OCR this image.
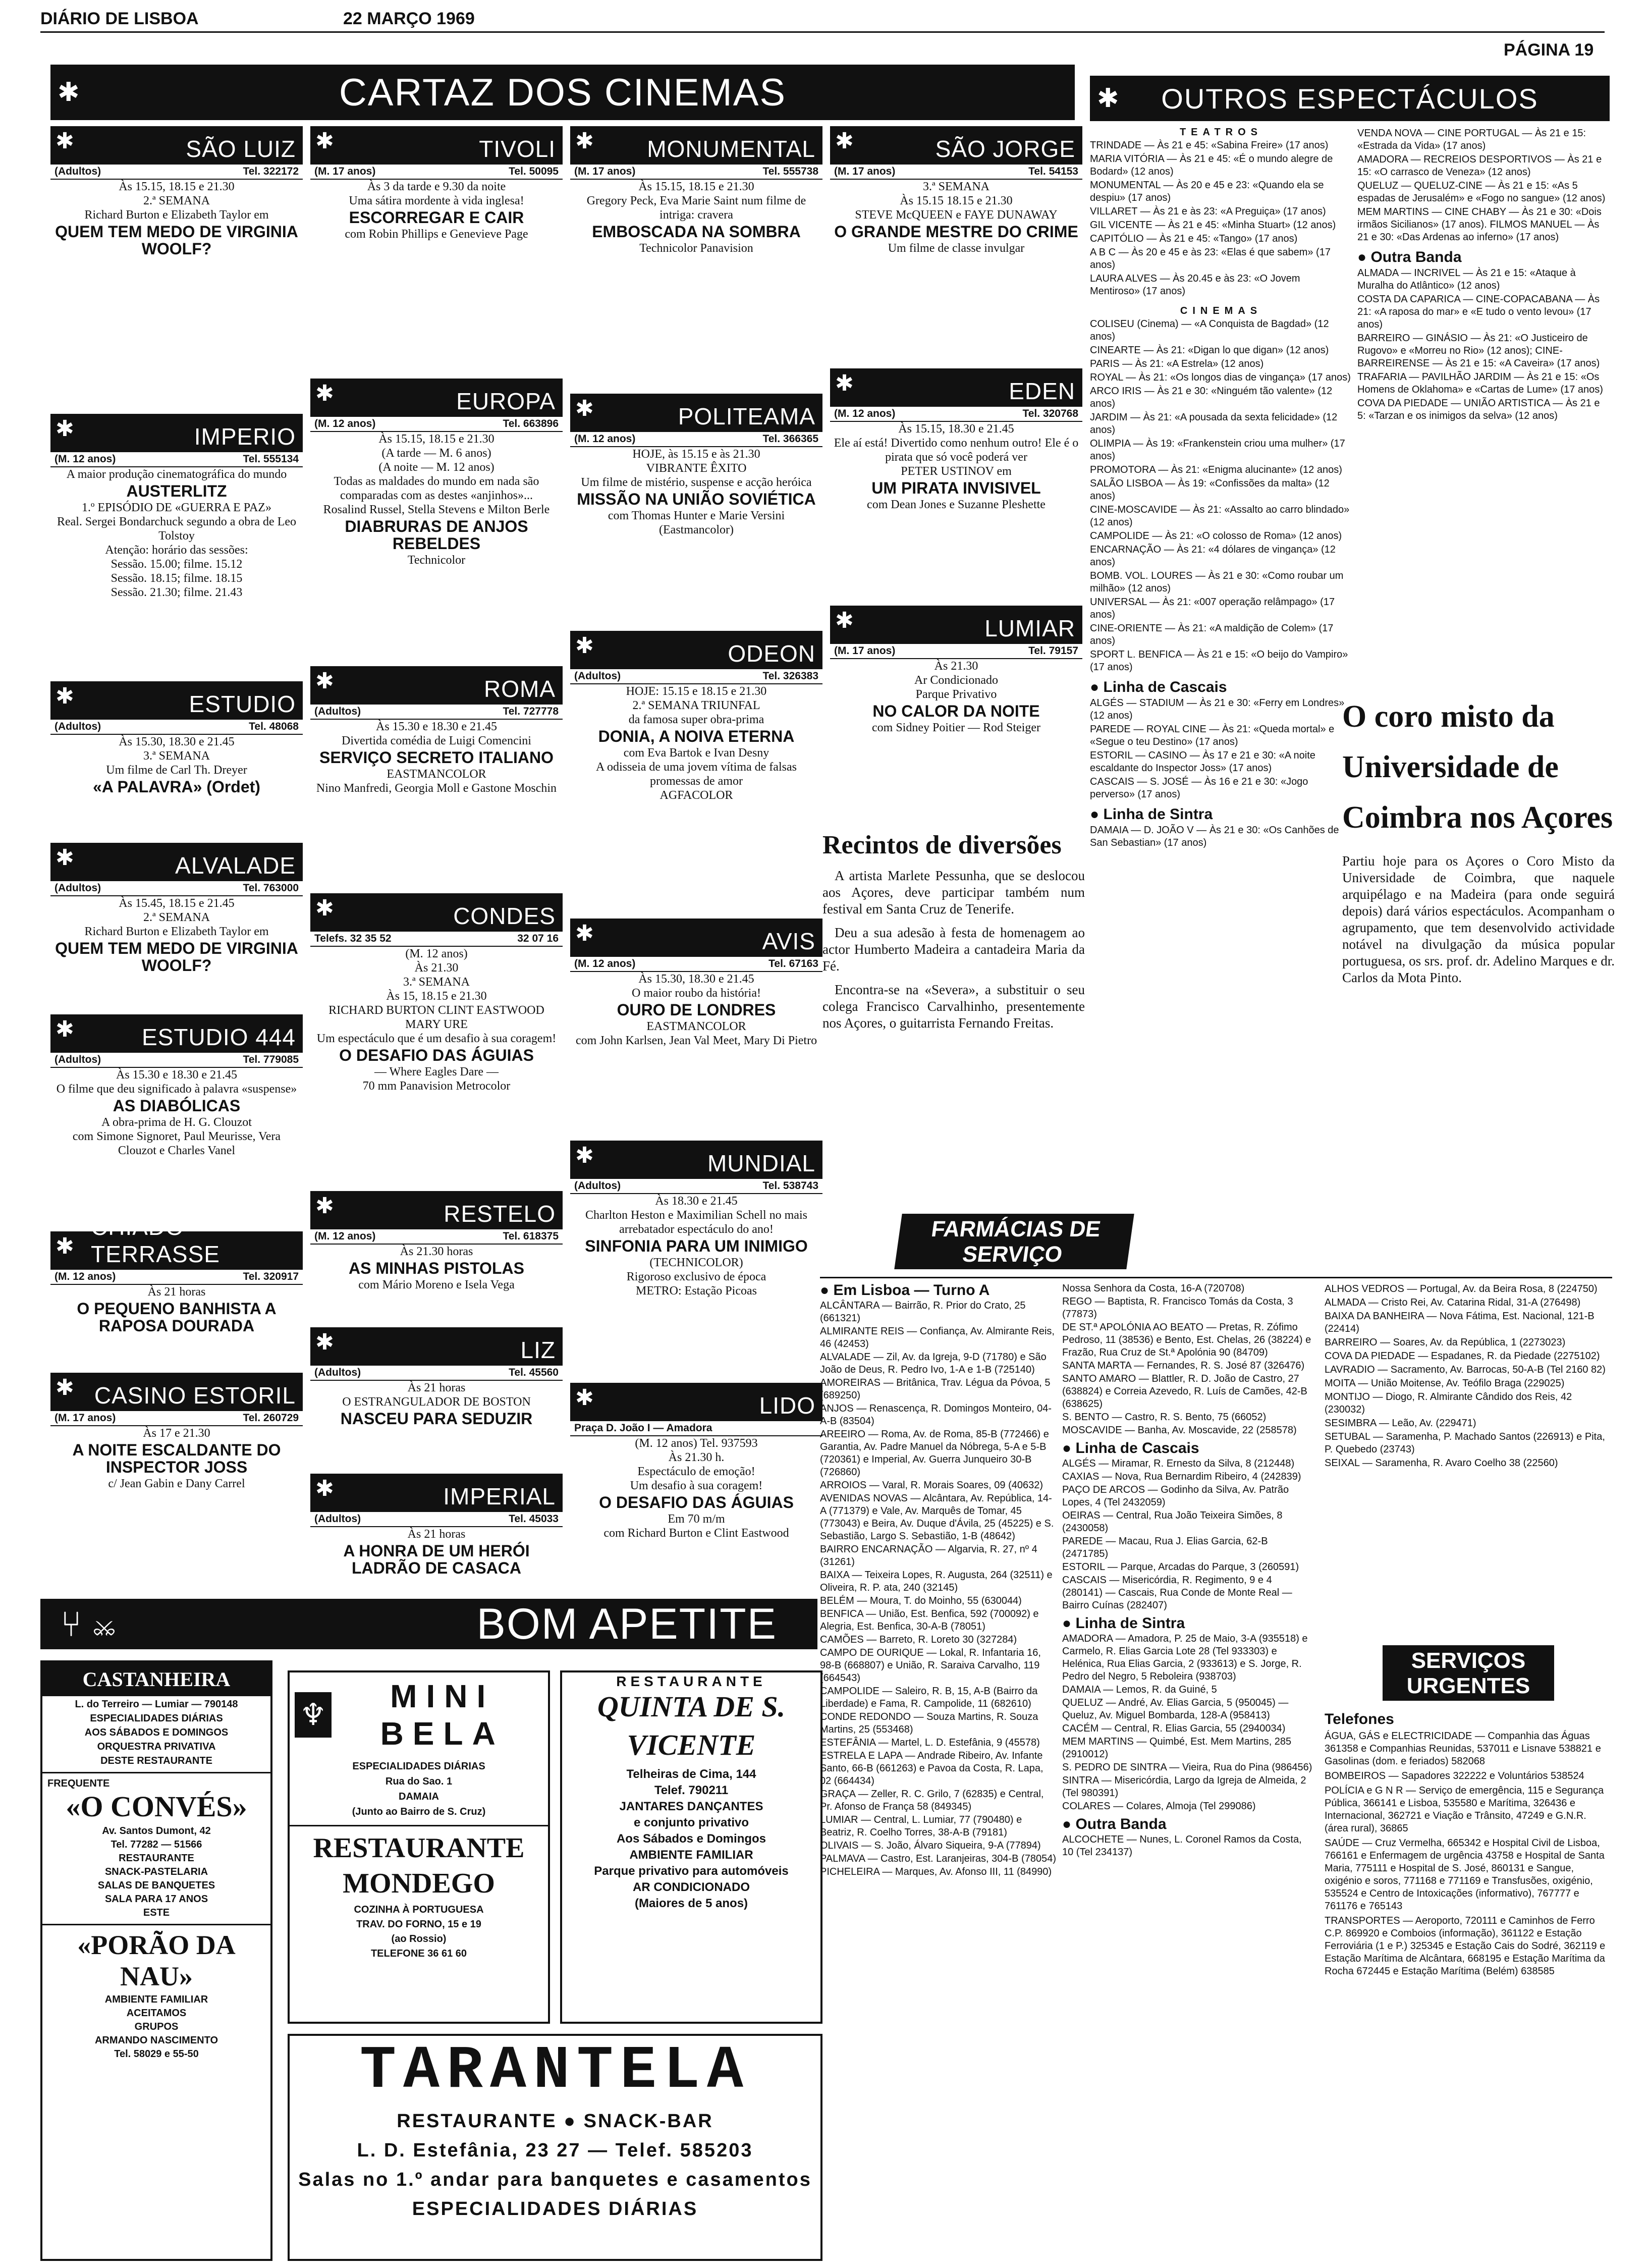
DIÁRIO DE LISBOA	22 MARÇO 1969
PÁGINA 19
✱	CARTAZ DOS CINEMAS
✱	SÃO LUIZ
(Adultos)	Tel. 322172
Às 15.15, 18.15 e 21.30
2.ª SEMANA
Richard Burton e Elizabeth Taylor em
QUEM TEM MEDO DE VIRGINIA WOOLF?
✱	IMPERIO
(M. 12 anos)	Tel. 555134
A maior produção cinematográfica do mundo
AUSTERLITZ
1.º EPISÓDIO DE «GUERRA E PAZ»
Real. Sergei Bondarchuck segundo a obra de Leo Tolstoy
Atenção: horário das sessões:
Sessão. 15.00; filme. 15.12
Sessão. 18.15; filme. 18.15
Sessão. 21.30; filme. 21.43
✱	ESTUDIO
(Adultos)	Tel. 48068
Às 15.30, 18.30 e 21.45
3.ª SEMANA
Um filme de Carl Th. Dreyer
«A PALAVRA» (Ordet)
✱	ALVALADE
(Adultos)	Tel. 763000
Às 15.45, 18.15 e 21.45
2.ª SEMANA
Richard Burton e Elizabeth Taylor em
QUEM TEM MEDO DE VIRGINIA WOOLF?
✱	ESTUDIO 444
(Adultos)	Tel. 779085
Às 15.30 e 18.30 e 21.45
O filme que deu significado à palavra «suspense»
AS DIABÓLICAS
A obra-prima de H. G. Clouzot
com Simone Signoret, Paul Meurisse, Vera Clouzot e Charles Vanel
✱
CHIADO TERRASSE
(M. 12 anos)	Tel. 320917
Às 21 horas
O PEQUENO BANHISTA A RAPOSA DOURADA
✱ CASINO ESTORIL
(M. 17 anos)	Tel. 260729
Às 17 e 21.30
A NOITE ESCALDANTE DO INSPECTOR JOSS
c/ Jean Gabin e Dany Carrel
✱	TIVOLI
(M. 17 anos)	Tel. 50095
Às 3 da tarde e 9.30 da noite
Uma sátira mordente à vida inglesa!
ESCORREGAR E CAIR
com Robin Phillips e Genevieve Page
✱	EUROPA
(M. 12 anos)	Tel. 663896
Às 15.15, 18.15 e 21.30
(A tarde — M. 6 anos)
(A noite — M. 12 anos)
Todas as maldades do mundo em nada são comparadas com as destes «anjinhos»...
Rosalind Russel, Stella Stevens e Milton Berle
DIABRURAS DE ANJOS REBELDES
Technicolor
✱	ROMA
(Adultos)	Tel. 727778
Às 15.30 e 18.30 e 21.45
Divertida comédia de Luigi Comencini
SERVIÇO SECRETO ITALIANO
EASTMANCOLOR
Nino Manfredi, Georgia Moll e Gastone Moschin
✱	CONDES
Telefs. 32 35 52	32 07 16
(M. 12 anos)
Às 21.30
3.ª SEMANA
Às 15, 18.15 e 21.30
RICHARD BURTON CLINT EASTWOOD MARY URE
Um espectáculo que é um desafio à sua coragem!
O DESAFIO DAS ÁGUIAS
— Where Eagles Dare —
70 mm Panavision Metrocolor
✱	RESTELO
(M. 12 anos)	Tel. 618375
Às 21.30 horas
AS MINHAS PISTOLAS
com Mário Moreno e Isela Vega
✱	LIZ
(Adultos)	Tel. 45560
Às 21 horas
O ESTRANGULADOR DE BOSTON
NASCEU PARA SEDUZIR
✱	IMPERIAL
(Adultos)	Tel. 45033
Às 21 horas
A HONRA DE UM HERÓI LADRÃO DE CASACA
✱ MONUMENTAL
(M. 17 anos)	Tel. 555738
Às 15.15, 18.15 e 21.30
Gregory Peck, Eva Marie Saint num filme de intriga: cravera
EMBOSCADA NA SOMBRA
Technicolor Panavision
✱	POLITEAMA
(M. 12 anos)	Tel. 366365
HOJE, às 15.15 e às 21.30
VIBRANTE ÊXITO
Um filme de mistério, suspense e acção heróica
MISSÃO NA UNIÃO SOVIÉTICA
com Thomas Hunter e Marie Versini
(Eastmancolor)
✱	ODEON
(Adultos)	Tel. 326383
HOJE: 15.15 e 18.15 e 21.30
2.ª SEMANA TRIUNFAL
da famosa super obra-prima
DONIA, A NOIVA ETERNA
com Eva Bartok e Ivan Desny
A odisseia de uma jovem vítima de falsas promessas de amor
AGFACOLOR
✱	AVIS
(M. 12 anos)	Tel. 67163
Às 15.30, 18.30 e 21.45
O maior roubo da história!
OURO DE LONDRES
EASTMANCOLOR
com John Karlsen, Jean Val Meet, Mary Di Pietro
✱	MUNDIAL
(Adultos)	Tel. 538743
Às 18.30 e 21.45
Charlton Heston e Maximilian Schell no mais arrebatador espectáculo do ano!
SINFONIA PARA UM INIMIGO
(TECHNICOLOR)
Rigoroso exclusivo de época
METRO: Estação Picoas
✱	LIDO
Praça D. João I — Amadora
(M. 12 anos) Tel. 937593
Às 21.30 h.
Espectáculo de emoção!
Um desafio à sua coragem!
O DESAFIO DAS ÁGUIAS
Em 70 m/m
com Richard Burton e Clint Eastwood
✱	SÃO JORGE
(M. 17 anos)	Tel. 54153
3.ª SEMANA
Às 15.15 18.15 e 21.30
STEVE McQUEEN e FAYE DUNAWAY
O GRANDE MESTRE DO CRIME
Um filme de classe invulgar
✱	EDEN
(M. 12 anos)	Tel. 320768
Às 15.15, 18.30 e 21.45
Ele aí está! Divertido como nenhum outro! Ele é o pirata que só você poderá ver
PETER USTINOV em
UM PIRATA INVISIVEL
com Dean Jones e Suzanne Pleshette
✱	LUMIAR
(M. 17 anos)	Tel. 79157
Às 21.30
Ar Condicionado
Parque Privativo
NO CALOR DA NOITE
com Sidney Poitier — Rod Steiger
Recintos de diversões
A artista Marlete Pessunha, que se deslocou aos Açores, deve participar também num festival em Santa Cruz de Tenerife.
Deu a sua adesão à festa de homenagem ao actor Humberto Madeira a cantadeira Maria da Fé.
Encontra-se na «Severa», a substituir o seu colega Francisco Carvalhinho, presentemente nos Açores, o guitarrista Fernando Freitas.
✱ OUTROS ESPECTÁCULOS
TEATROS
TRINDADE — Às 21 e 45: «Sabina Freire» (17 anos)
MARIA VITÓRIA — Às 21 e 45: «É o mundo alegre de Bodard» (12 anos)
MONUMENTAL — Às 20 e 45 e 23: «Quando ela se despiu» (17 anos)
VILLARET — Às 21 e às 23: «A Preguiça» (17 anos)
GIL VICENTE — Às 21 e 45: «Minha Stuart» (12 anos)
CAPITÓLIO — Às 21 e 45: «Tango» (17 anos)
A B C — Às 20 e 45 e às 23: «Elas é que sabem» (17 anos)
LAURA ALVES — Às 20.45 e às 23: «O Jovem Mentiroso» (17 anos)
CINEMAS
COLISEU (Cinema) — «A Conquista de Bagdad» (12 anos)
CINEARTE — Às 21: «Digan lo que digan» (12 anos)
PARIS — Às 21: «A Estrela» (12 anos)
ROYAL — Às 21: «Os longos dias de vingança» (17 anos)
ARCO IRIS — Às 21 e 30: «Ninguém tão valente» (12 anos)
JARDIM — Às 21: «A pousada da sexta felicidade» (12 anos)
OLIMPIA — Às 19: «Frankenstein criou uma mulher» (17 anos)
PROMOTORA — Às 21: «Enigma alucinante» (12 anos)
SALÃO LISBOA — Às 19: «Confissões da malta» (12 anos)
CINE-MOSCAVIDE — Às 21: «Assalto ao carro blindado» (12 anos)
CAMPOLIDE — Às 21: «O colosso de Roma» (12 anos)
ENCARNAÇÃO — Às 21: «4 dólares de vingança» (12 anos)
BOMB. VOL. LOURES — Às 21 e 30: «Como roubar um milhão» (12 anos)
UNIVERSAL — Às 21: «007 operação relâmpago» (17 anos)
CINE-ORIENTE — Às 21: «A maldição de Colem» (17 anos)
SPORT L. BENFICA — Às 21 e 15: «O beijo do Vampiro» (17 anos)
● Linha de Cascais
ALGÉS — STADIUM — Às 21 e 30: «Ferry em Londres» (12 anos)
PAREDE — ROYAL CINE — Às 21: «Queda mortal» e «Segue o teu Destino» (17 anos)
ESTORIL — CASINO — Às 17 e 21 e 30: «A noite escaldante do Inspector Joss» (17 anos)
CASCAIS — S. JOSÉ — Às 16 e 21 e 30: «Jogo perverso» (17 anos)
● Linha de Sintra
DAMAIA — D. JOÃO V — Às 21 e 30: «Os Canhões de San Sebastian» (17 anos)
VENDA NOVA — CINE PORTUGAL — Às 21 e 15: «Estrada da Vida» (17 anos)
AMADORA — RECREIOS DESPORTIVOS — Às 21 e 15: «O carrasco de Veneza» (12 anos)
QUELUZ — QUELUZ-CINE — Às 21 e 15: «As 5 espadas de Jerusalém» e «Fogo no sangue» (12 anos)
MEM MARTINS — CINE CHABY — Às 21 e 30: «Dois irmãos Sicilianos» (17 anos). FILMOS MANUEL — Às 21 e 30: «Das Ardenas ao inferno» (17 anos)
● Outra Banda
ALMADA — INCRIVEL — Às 21 e 15: «Ataque à Muralha do Atlântico» (12 anos)
COSTA DA CAPARICA — CINE-COPACABANA — Às 21: «A raposa do mar» e «E tudo o vento levou» (17 anos)
BARREIRO — GINÁSIO — Às 21: «O Justiceiro de Rugovo» e «Morreu no Rio» (12 anos); CINE-BARREIRENSE — Às 21 e 15: «A Caveira» (17 anos)
TRAFARIA — PAVILHÃO JARDIM — Às 21 e 15: «Os Homens de Oklahoma» e «Cartas de Lume» (17 anos)
COVA DA PIEDADE — UNIÃO ARTISTICA — Às 21 e 5: «Tarzan e os inimigos da selva» (12 anos)
O coro misto da Universidade de Coimbra nos Açores
Partiu hoje para os Açores o Coro Misto da Universidade de Coimbra, que naquele arquipélago e na Madeira (para onde seguirá depois) dará vários espectáculos. Acompanham o agrupamento, que tem desenvolvido actividade notável na divulgação da música popular portuguesa, os srs. prof. dr. Adelino Marques e dr. Carlos da Mota Pinto.
FARMÁCIAS DE SERVIÇO
● Em Lisboa — Turno A
ALCÂNTARA — Bairrão, R. Prior do Crato, 25 (661321)
ALMIRANTE REIS — Confiança, Av. Almirante Reis, 46 (42453)
ALVALADE — Zil, Av. da Igreja, 9-D (71780) e São João de Deus, R. Pedro Ivo, 1-A e 1-B (725140)
AMOREIRAS — Britânica, Trav. Légua da Póvoa, 5 (689250)
ANJOS — Renascença, R. Domingos Monteiro, 04-A-B (83504)
AREEIRO — Roma, Av. de Roma, 85-B (772466) e Garantia, Av. Padre Manuel da Nóbrega, 5-A e 5-B (720361) e Imperial, Av. Guerra Junqueiro 30-B (726860)
ARROIOS — Varal, R. Morais Soares, 09 (40632)
AVENIDAS NOVAS — Alcântara, Av. República, 14-A (771379) e Vale, Av. Marquês de Tomar, 45 (773043) e Beira, Av. Duque d'Ávila, 25 (45225) e S. Sebastião, Largo S. Sebastião, 1-B (48642)
BAIRRO ENCARNAÇÃO — Algarvia, R. 27, nº 4 (31261)
BAIXA — Teixeira Lopes, R. Augusta, 264 (32511) e Oliveira, R. P. ata, 240 (32145)
BELÉM — Moura, T. do Moinho, 55 (630044)
BENFICA — União, Est. Benfica, 592 (700092) e Alegria, Est. Benfica, 30-A-B (78051)
CAMÕES — Barreto, R. Loreto 30 (327284)
CAMPO DE OURIQUE — Lokal, R. Infantaria 16, 98-B (668807) e União, R. Saraiva Carvalho, 119 (664543)
CAMPOLIDE — Saleiro, R. B, 15, A-B (Bairro da Liberdade) e Fama, R. Campolide, 11 (682610)
CONDE REDONDO — Souza Martins, R. Souza Martins, 25 (553468)
ESTEFÂNIA — Martel, L. D. Estefânia, 9 (45578)
ESTRELA E LAPA — Andrade Ribeiro, Av. Infante Santo, 66-B (661263) e Pavoa da Costa, R. Lapa, 02 (664434)
GRAÇA — Zeller, R. C. Grilo, 7 (62835) e Central, Pr. Afonso de França 58 (849345)
LUMIAR — Central, L. Lumiar, 77 (790480) e Beatriz, R. Coelho Torres, 38-A-B (79181)
OLIVAIS — S. João, Álvaro Siqueira, 9-A (77894)
PALMAVA — Castro, Est. Laranjeiras, 304-B (78054)
PICHELEIRA — Marques, Av. Afonso III, 11 (84990)
Nossa Senhora da Costa, 16-A (720708)
REGO — Baptista, R. Francisco Tomás da Costa, 3 (77873)
DE ST.ª APOLÓNIA AO BEATO — Pretas, R. Zófimo Pedroso, 11 (38536) e Bento, Est. Chelas, 26 (38224) e Frazão, Rua Cruz de St.ª Apolónia 90 (84709)
SANTA MARTA — Fernandes, R. S. José 87 (326476)
SANTO AMARO — Blattler, R. D. João de Castro, 27 (638824) e Correia Azevedo, R. Luís de Camões, 42-B (638625)
S. BENTO — Castro, R. S. Bento, 75 (66052)
MOSCAVIDE — Banha, Av. Moscavide, 22 (258578)
● Linha de Cascais
ALGÉS — Miramar, R. Ernesto da Silva, 8 (212448)
CAXIAS — Nova, Rua Bernardim Ribeiro, 4 (242839)
PAÇO DE ARCOS — Godinho da Silva, Av. Patrão Lopes, 4 (Tel 2432059)
OEIRAS — Central, Rua João Teixeira Simões, 8 (2430058)
PAREDE — Macau, Rua J. Elias Garcia, 62-B (2471785)
ESTORIL — Parque, Arcadas do Parque, 3 (260591)
CASCAIS — Misericórdia, R. Regimento, 9 e 4 (280141) — Cascais, Rua Conde de Monte Real — Bairro Cuínas (282407)
● Linha de Sintra
AMADORA — Amadora, P. 25 de Maio, 3-A (935518) e Carmelo, R. Elias Garcia Lote 28 (Tel 933303) e Helénica, Rua Elias Garcia, 2 (933613) e S. Jorge, R. Pedro del Negro, 5 Reboleira (938703)
DAMAIA — Lemos, R. da Guiné, 5
QUELUZ — André, Av. Elias Garcia, 5 (950045) — Queluz, Av. Miguel Bombarda, 128-A (958413)
CACÉM — Central, R. Elias Garcia, 55 (2940034)
MEM MARTINS — Quimbé, Est. Mem Martins, 285 (2910012)
S. PEDRO DE SINTRA — Vieira, Rua do Pina (986456)
SINTRA — Misericórdia, Largo da Igreja de Almeida, 2 (Tel 980391)
COLARES — Colares, Almoja (Tel 299086)
● Outra Banda
ALCOCHETE — Nunes, L. Coronel Ramos da Costa, 10 (Tel 234137)
ALHOS VEDROS — Portugal, Av. da Beira Rosa, 8 (224750)
ALMADA — Cristo Rei, Av. Catarina Ridal, 31-A (276498)
BAIXA DA BANHEIRA — Nova Fátima, Est. Nacional, 121-B (22414)
BARREIRO — Soares, Av. da República, 1 (2273023)
COVA DA PIEDADE — Espadanes, R. da Piedade (2275102)
LAVRADIO — Sacramento, Av. Barrocas, 50-A-B (Tel 2160 82)
MOITA — União Moitense, Av. Teófilo Braga (229025)
MONTIJO — Diogo, R. Almirante Cândido dos Reis, 42 (230032)
SESIMBRA — Leão, Av. (229471)
SETUBAL — Saramenha, P. Machado Santos (226913) e Pita, P. Quebedo (23743)
SEIXAL — Saramenha, R. Avaro Coelho 38 (22560)
SERVIÇOS URGENTES
Telefones
ÁGUA, GÁS e ELECTRICIDADE — Companhia das Águas 361358 e Companhias Reunidas, 537011 e Lisnave 538821 e Gasolinas (dom. e feriados) 582068
BOMBEIROS — Sapadores 322222 e Voluntários 538524
POLÍCIA e G N R — Serviço de emergência, 115 e Segurança Pública, 366141 e Lisboa, 535580 e Marítima, 326436 e Internacional, 362721 e Viação e Trânsito, 47249 e G.N.R. (área rural), 36865
SAÚDE — Cruz Vermelha, 665342 e Hospital Civil de Lisboa, 766161 e Enfermagem de urgência 43758 e Hospital de Santa Maria, 775111 e Hospital de S. José, 860131 e Sangue, oxigénio e soros, 771168 e 771169 e Transfusões, oxigénio, 535524 e Centro de Intoxicações (informativo), 767777 e 761176 e 765143
TRANSPORTES — Aeroporto, 720111 e Caminhos de Ferro C.P. 869920 e Comboios (informação), 361122 e Estação Ferroviária (1 e P.) 325345 e Estação Cais do Sodré, 362119 e Estação Marítima de Alcântara, 668195 e Estação Marítima da Rocha 672445 e Estação Marítima (Belém) 638585
⑂ ⚔	BOM APETITE
CASTANHEIRA
L. do Terreiro — Lumiar — 790148
ESPECIALIDADES DIÁRIAS
AOS SÁBADOS E DOMINGOS
ORQUESTRA PRIVATIVA
DESTE RESTAURANTE
FREQUENTE
«O CONVÉS»
Av. Santos Dumont, 42
Tel. 77282 — 51566
RESTAURANTE
SNACK-PASTELARIA
SALAS DE BANQUETES
SALA PARA 17 ANOS
ESTE
«PORÃO DA NAU»
AMBIENTE FAMILIAR
ACEITAMOS
GRUPOS
ARMANDO NASCIMENTO
Tel. 58029 e 55-50
♆
MINI BELA
ESPECIALIDADES DIÁRIAS
Rua do Sao. 1
DAMAIA
(Junto ao Bairro de S. Cruz)
RESTAURANTE MONDEGO
COZINHA À PORTUGUESA
TRAV. DO FORNO, 15 e 19
(ao Rossio)
TELEFONE 36 61 60
RESTAURANTE
QUINTA DE S. VICENTE
Telheiras de Cima, 144
Telef. 790211
JANTARES DANÇANTES
e conjunto privativo
Aos Sábados e Domingos
AMBIENTE FAMILIAR
Parque privativo para automóveis
AR CONDICIONADO
(Maiores de 5 anos)
TARANTELA
RESTAURANTE ● SNACK-BAR
L. D. Estefânia, 23 27 — Telef. 585203
Salas no 1.º andar para banquetes e casamentos
ESPECIALIDADES DIÁRIAS
